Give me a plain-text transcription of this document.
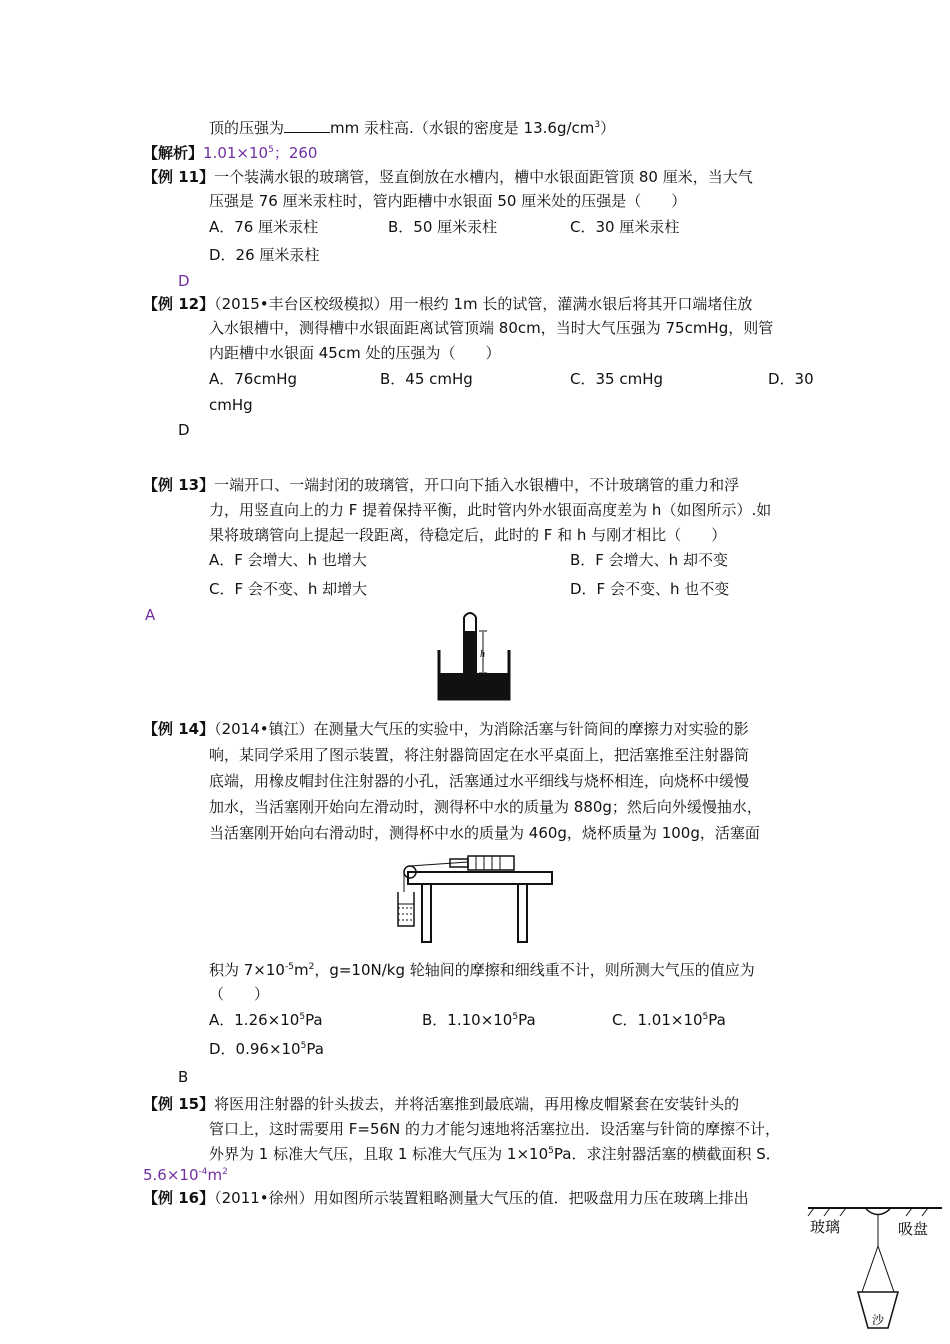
顶的压强为	mm 汞柱高.（水银的密度是 $13.6g/cm^3$）
【解析】$1.01\times 10^5$；260
【例 11】一个装满水银的玻璃管，竖直倒放在水槽内，槽中水银面距管顶 80 厘米，当大气
压强是 76 厘米汞柱时，管内距槽中水银面 50 厘米处的压强是（　　）
A．76 厘米汞柱	B．50 厘米汞柱	C．30 厘米汞柱
D．26 厘米汞柱
D
【例 12】（2015•丰台区校级模拟）用一根约 1m 长的试管，灌满水银后将其开口端堵住放
入水银槽中，测得槽中水银面距离试管顶端 80cm，当时大气压强为 75cmHg，则管
内距槽中水银面 45cm 处的压强为（　　）
A．76cmHg	B．45 cmHg	C．35 cmHg	D．30
cmHg
D
【例 13】一端开口、一端封闭的玻璃管，开口向下插入水银槽中，不计玻璃管的重力和浮
力，用竖直向上的力 F 提着保持平衡，此时管内外水银面高度差为 h（如图所示）.如
果将玻璃管向上提起一段距离，待稳定后，此时的 F 和 h 与刚才相比（　　）
A．F 会增大、h 也增大	B．F 会增大、h 却不变
C．F 会不变、h 却增大	D．F 会不变、h 也不变
A
h
【例 14】（2014•镇江）在测量大气压的实验中，为消除活塞与针筒间的摩擦力对实验的影
响，某同学采用了图示装置，将注射器筒固定在水平桌面上，把活塞推至注射器筒
底端，用橡皮帽封住注射器的小孔，活塞通过水平细线与烧杯相连，向烧杯中缓慢
加水，当活塞刚开始向左滑动时，测得杯中水的质量为 880g；然后向外缓慢抽水，
当活塞刚开始向右滑动时，测得杯中水的质量为 460g，烧杯质量为 100g，活塞面
积为 $7\times 10^{-5}m^2$，g=10N/kg 轮轴间的摩擦和细线重不计，则所测大气压的值应为
（　　）
A．$1.26\times 10^5Pa$	B．$1.10\times 10^5Pa$	C．$1.01\times 10^5Pa$
D．$0.96\times 10^5Pa$
B
【例 15】将医用注射器的针头拔去，并将活塞推到最底端，再用橡皮帽紧套在安装针头的
管口上，这时需要用 F=56N 的力才能匀速地将活塞拉出．设活塞与针筒的摩擦不计，
外界为 1 标准大气压，且取 1 标准大气压为 $1\times 10^5Pa$．求注射器活塞的横截面积 S．
$5.6\times 10^{-4}m^2$
【例 16】（2011•徐州）用如图所示装置粗略测量大气压的值．把吸盘用力压在玻璃上排出
玻璃	吸盘
沙
